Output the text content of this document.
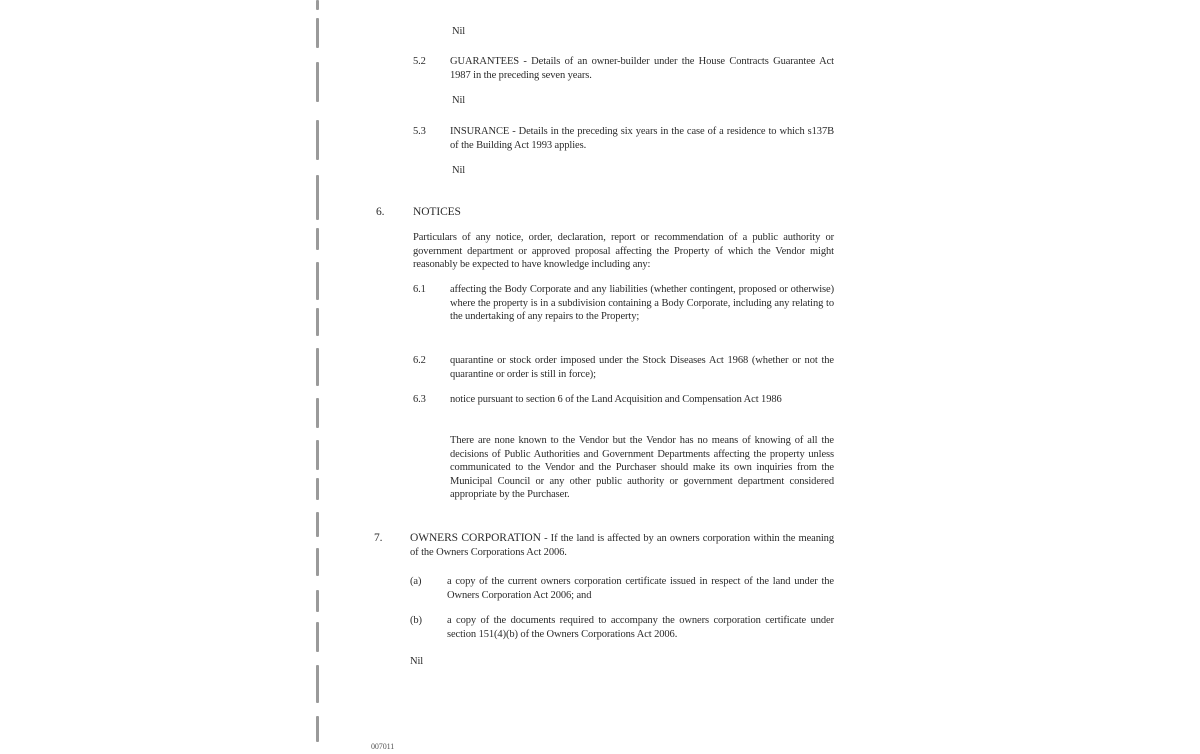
Nil
5.2 GUARANTEES - Details of an owner-builder under the House Contracts Guarantee Act 1987 in the preceding seven years.
Nil
5.3 INSURANCE - Details in the preceding six years in the case of a residence to which s137B of the Building Act 1993 applies.
Nil
6. NOTICES
Particulars of any notice, order, declaration, report or recommendation of a public authority or government department or approved proposal affecting the Property of which the Vendor might reasonably be expected to have knowledge including any:
6.1 affecting the Body Corporate and any liabilities (whether contingent, proposed or otherwise) where the property is in a subdivision containing a Body Corporate, including any relating to the undertaking of any repairs to the Property;
6.2 quarantine or stock order imposed under the Stock Diseases Act 1968 (whether or not the quarantine or order is still in force);
6.3 notice pursuant to section 6 of the Land Acquisition and Compensation Act 1986
There are none known to the Vendor but the Vendor has no means of knowing of all the decisions of Public Authorities and Government Departments affecting the property unless communicated to the Vendor and the Purchaser should make its own inquiries from the Municipal Council or any other public authority or government department considered appropriate by the Purchaser.
7. OWNERS CORPORATION - If the land is affected by an owners corporation within the meaning of the Owners Corporations Act 2006.
(a) a copy of the current owners corporation certificate issued in respect of the land under the Owners Corporation Act 2006; and
(b) a copy of the documents required to accompany the owners corporation certificate under section 151(4)(b) of the Owners Corporations Act 2006.
Nil
007011
